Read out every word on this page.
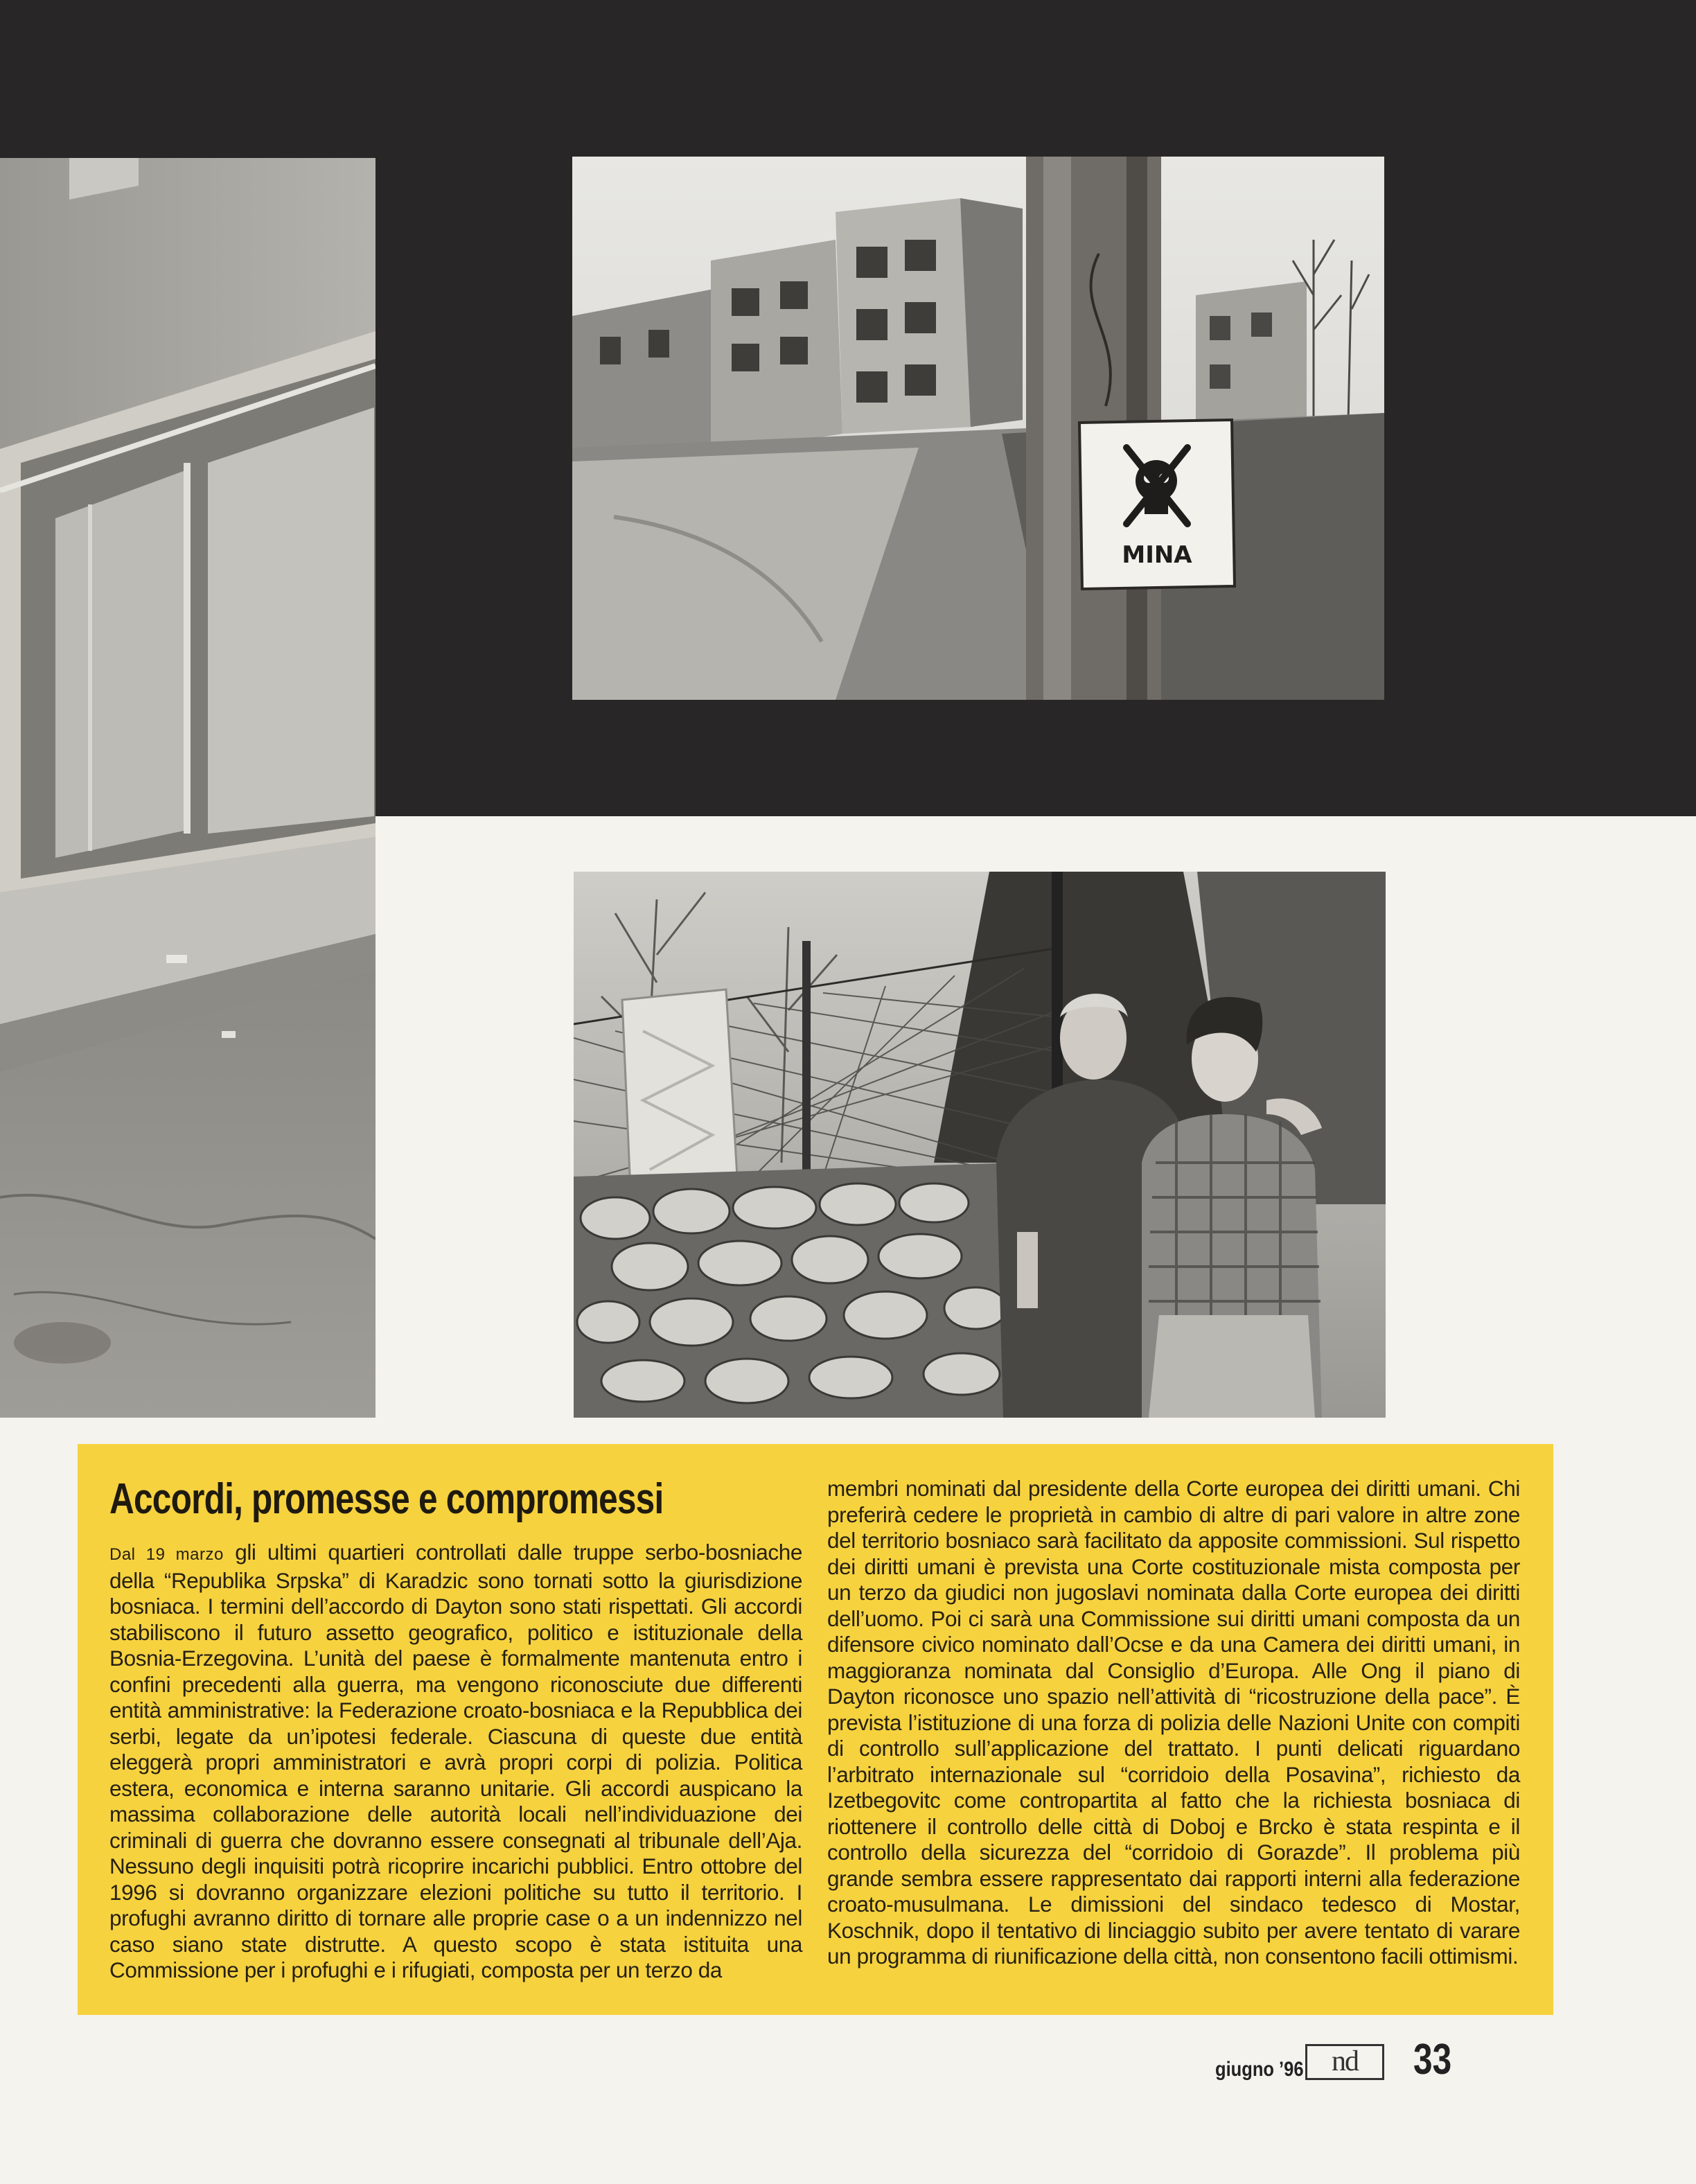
MINA
Accordi, promesse e compromessi

Dal 19 marzo gli ultimi quartieri controllati dalle truppe serbo-bosniache della “Republika Srpska” di Karadzic sono tornati sotto la giurisdizione bosniaca. I termini dell’accordo di Dayton sono stati rispettati. Gli accordi stabiliscono il futuro assetto geografico, politico e istituzionale della Bosnia-Erzegovina. L’unità del paese è formalmente mantenuta entro i confini precedenti alla guerra, ma vengono riconosciute due differenti entità amministrative: la Federazione croato-bosniaca e la Repubblica dei serbi, legate da un’ipotesi federale. Ciascuna di queste due entità eleggerà propri amministratori e avrà propri corpi di polizia. Politica estera, economica e interna saranno unitarie. Gli accordi auspicano la massima collaborazione delle autorità locali nell’individuazione dei criminali di guerra che dovranno essere consegnati al tribunale dell’Aja. Nessuno degli inquisiti potrà ricoprire incarichi pubblici. Entro ottobre del 1996 si dovranno organizzare elezioni politiche su tutto il territorio. I profughi avranno diritto di tornare alle proprie case o a un indennizzo nel caso siano state distrutte. A questo scopo è stata istituita una Commissione per i profughi e i rifugiati, composta per un terzo da

membri nominati dal presidente della Corte europea dei diritti umani. Chi preferirà cedere le proprietà in cambio di altre di pari valore in altre zone del territorio bosniaco sarà facilitato da apposite commissioni. Sul rispetto dei diritti umani è prevista una Corte costituzionale mista composta per un terzo da giudici non jugoslavi nominata dalla Corte europea dei diritti dell’uomo. Poi ci sarà una Commissione sui diritti umani composta da un difensore civico nominato dall’Ocse e da una Camera dei diritti umani, in maggioranza nominata dal Consiglio d’Europa. Alle Ong il piano di Dayton riconosce uno spazio nell’attività di “ricostruzione della pace”. È prevista l’istituzione di una forza di polizia delle Nazioni Unite con compiti di controllo sull’applicazione del trattato. I punti delicati riguardano l’arbitrato internazionale sul “corridoio della Posavina”, richiesto da Izetbegovitc come contropartita al fatto che la richiesta bosniaca di riottenere il controllo delle città di Doboj e Brcko è stata respinta e il controllo della sicurezza del “corridoio di Gorazde”. Il problema più grande sembra essere rappresentato dai rapporti interni alla federazione croato-musulmana. Le dimissioni del sindaco tedesco di Mostar, Koschnik, dopo il tentativo di linciaggio subito per avere tentato di varare un programma di riunificazione della città, non consentono facili ottimismi.

giugno ’96 nd	33
